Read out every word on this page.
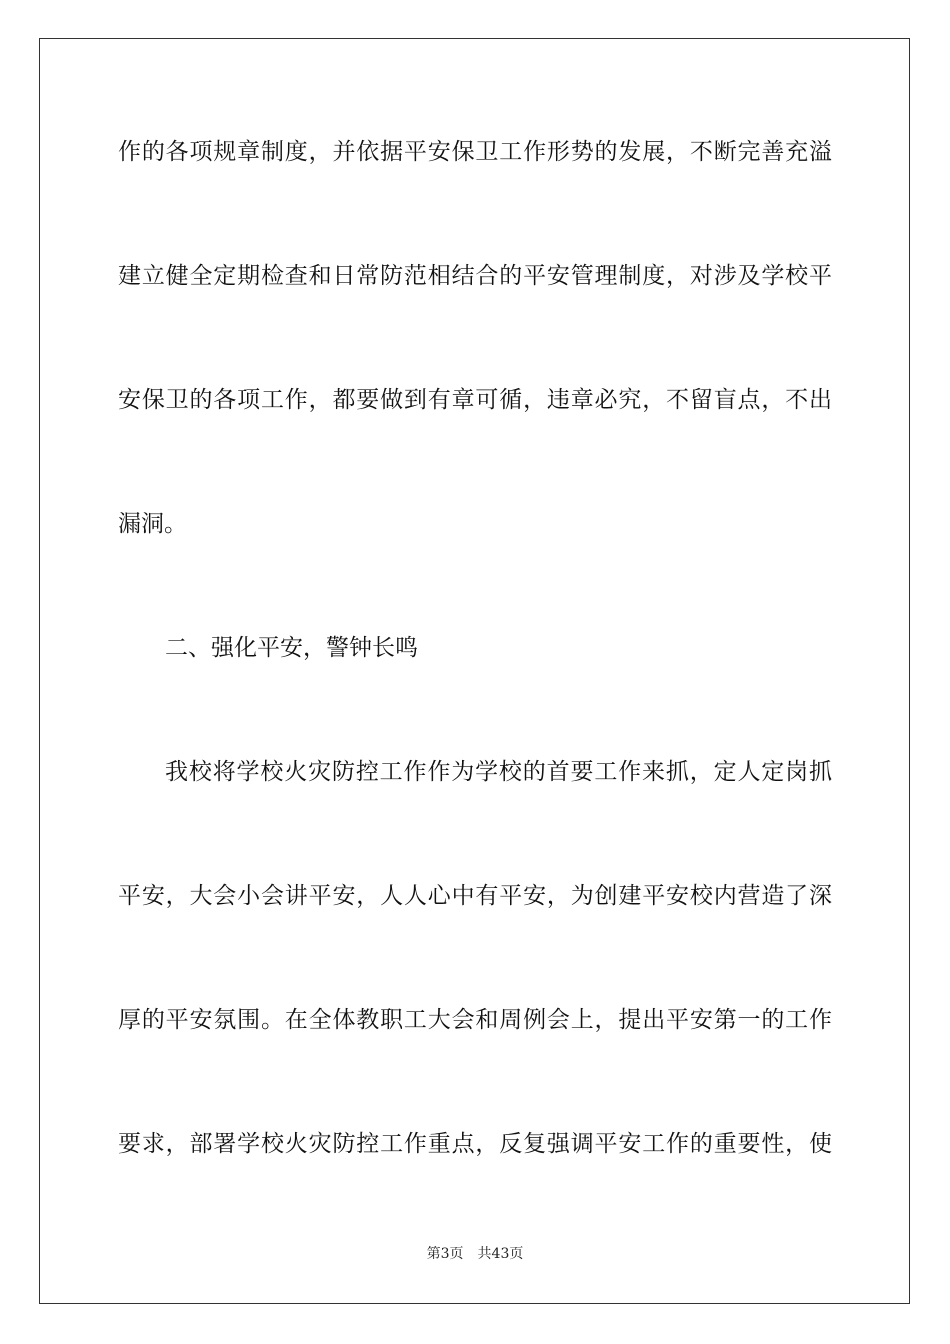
作的各项规章制度，并依据平安保卫工作形势的发展，不断完善充溢
建立健全定期检查和日常防范相结合的平安管理制度，对涉及学校平
安保卫的各项工作，都要做到有章可循，违章必究，不留盲点，不出
漏洞。
二、强化平安，警钟长鸣
我校将学校火灾防控工作作为学校的首要工作来抓，定人定岗抓
平安，大会小会讲平安，人人心中有平安，为创建平安校内营造了深
厚的平安氛围。在全体教职工大会和周例会上，提出平安第一的工作
要求，部署学校火灾防控工作重点，反复强调平安工作的重要性，使
第3页 共43页
